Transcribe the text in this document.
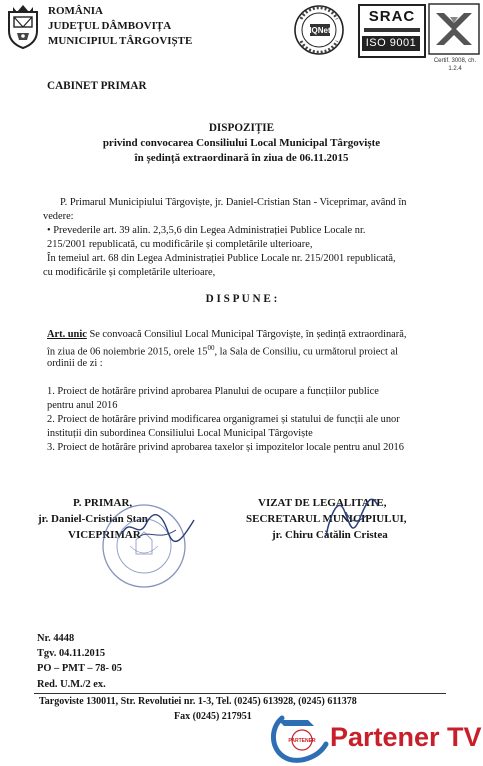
ROMÂNIA
JUDEȚUL DÂMBOVIȚA
MUNICIPIUL TÂRGOVIȘTE
IQNet
SRAC
ISO 9001
Certif. 3008, ch. 1.2.4
CABINET PRIMAR
DISPOZIȚIE
privind convocarea Consiliului Local Municipal Târgoviște
în ședință extraordinară în ziua de 06.11.2015
P. Primarul Municipiului Târgoviște, jr. Daniel-Cristian Stan - Viceprimar, având în
vedere:
• Prevederile art. 39 alin. 2,3,5,6 din Legea Administrației Publice Locale nr.
215/2001 republicată, cu modificările și completările ulterioare,
În temeiul art. 68 din Legea Administrației Publice Locale nr. 215/2001 republicată,
cu modificările și completările ulterioare,
D I S P U N E :
Art. unic Se convoacă Consiliul Local Municipal Târgoviște, în ședință extraordinară,
în ziua de 06 noiembrie 2015, orele $15^{00}$, la Sala de Consiliu, cu următorul proiect al
ordinii de zi :
1. Proiect de hotărâre privind aprobarea Planului de ocupare a funcțiilor publice
pentru anul 2016
2. Proiect de hotărâre privind modificarea organigramei și statului de funcții ale unor
instituții din subordinea Consiliului Local Municipal Târgoviște
3. Proiect de hotărâre privind aprobarea taxelor și impozitelor locale pentru anul 2016
P. PRIMAR,
jr. Daniel-Cristian Stan
VICEPRIMAR
VIZAT DE LEGALITATE,
SECRETARUL MUNICIPIULUI,
jr. Chiru Cătălin Cristea
Nr. 4448
Tgv. 04.11.2015
PO – PMT – 78- 05
Red. U.M./2 ex.
Targoviste 130011, Str. Revolutiei nr. 1-3, Tel. (0245) 613928, (0245) 611378
Fax (0245) 217951
PARTENER Partener TV
